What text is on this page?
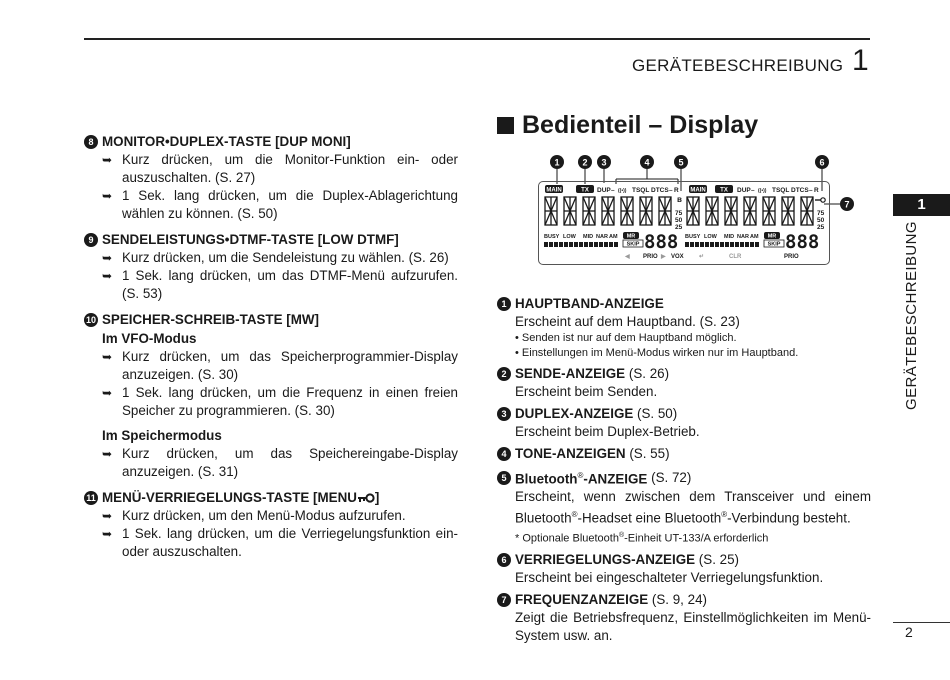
GERÄTEBESCHREIBUNG 1
1
GERÄTEBESCHREIBUNG
2
8 MONITOR•DUPLEX-TASTE [DUP MONI]
➥ Kurz drücken, um die Monitor-Funktion ein- oder auszuschalten. (S. 27)
➥ 1 Sek. lang drücken, um die Duplex-Ablagerichtung wählen zu können. (S. 50)
9 SENDELEISTUNGS•DTMF-TASTE [LOW DTMF]
➥ Kurz drücken, um die Sendeleistung zu wählen. (S. 26)
➥ 1 Sek. lang drücken, um das DTMF-Menü aufzurufen. (S. 53)
10 SPEICHER-SCHREIB-TASTE [MW]
Im VFO-Modus
➥ Kurz drücken, um das Speicherprogrammier-Display anzuzeigen. (S. 30)
➥ 1 Sek. lang drücken, um die Frequenz in einen freien Speicher zu programmieren. (S. 30)
Im Speichermodus
➥ Kurz drücken, um das Speichereingabe-Display anzuzeigen. (S. 31)
11 MENÜ-VERRIEGELUNGS-TASTE [MENU ]
➥ Kurz drücken, um den Menü-Modus aufzurufen.
➥ 1 Sek. lang drücken, um die Verriegelungsfunktion ein- oder auszuschalten.
Bedienteil – Display
1	2 3	4	5	6
7
MAIN	TX DUP – ((•)) TSQL DTCS – R MAIN TX DUP – ((•)) TSQL DTCS – R
ʙ
75
50
25
75
50
25
BUSY LOW MID NAR AM MR
SKIP
BUSY LOW MID NAR AM MR
SKIP
888	888
◀ PRIO ▶ VOX	↵	CLR	PRIO
1 HAUPTBAND-ANZEIGE
Erscheint auf dem Hauptband. (S. 23)
• Senden ist nur auf dem Hauptband möglich.
• Einstellungen im Menü-Modus wirken nur im Hauptband.
2 SENDE-ANZEIGE
(S. 26)
Erscheint beim Senden.
3 DUPLEX-ANZEIGE
(S. 50)
Erscheint beim Duplex-Betrieb.
4 TONE-ANZEIGEN
(S. 55)
5 Bluetooth®-ANZEIGE
(S. 72)
Erscheint, wenn zwischen dem Transceiver und einem Bluetooth®-Headset eine Bluetooth®-Verbindung besteht.
* Optionale Bluetooth®-Einheit UT-133/A erforderlich
6 VERRIEGELUNGS-ANZEIGE
(S. 25)
Erscheint bei eingeschalteter Verriegelungsfunktion.
7 FREQUENZANZEIGE
(S. 9, 24)
Zeigt die Betriebsfrequenz, Einstellmöglichkeiten im Menü-System usw. an.
